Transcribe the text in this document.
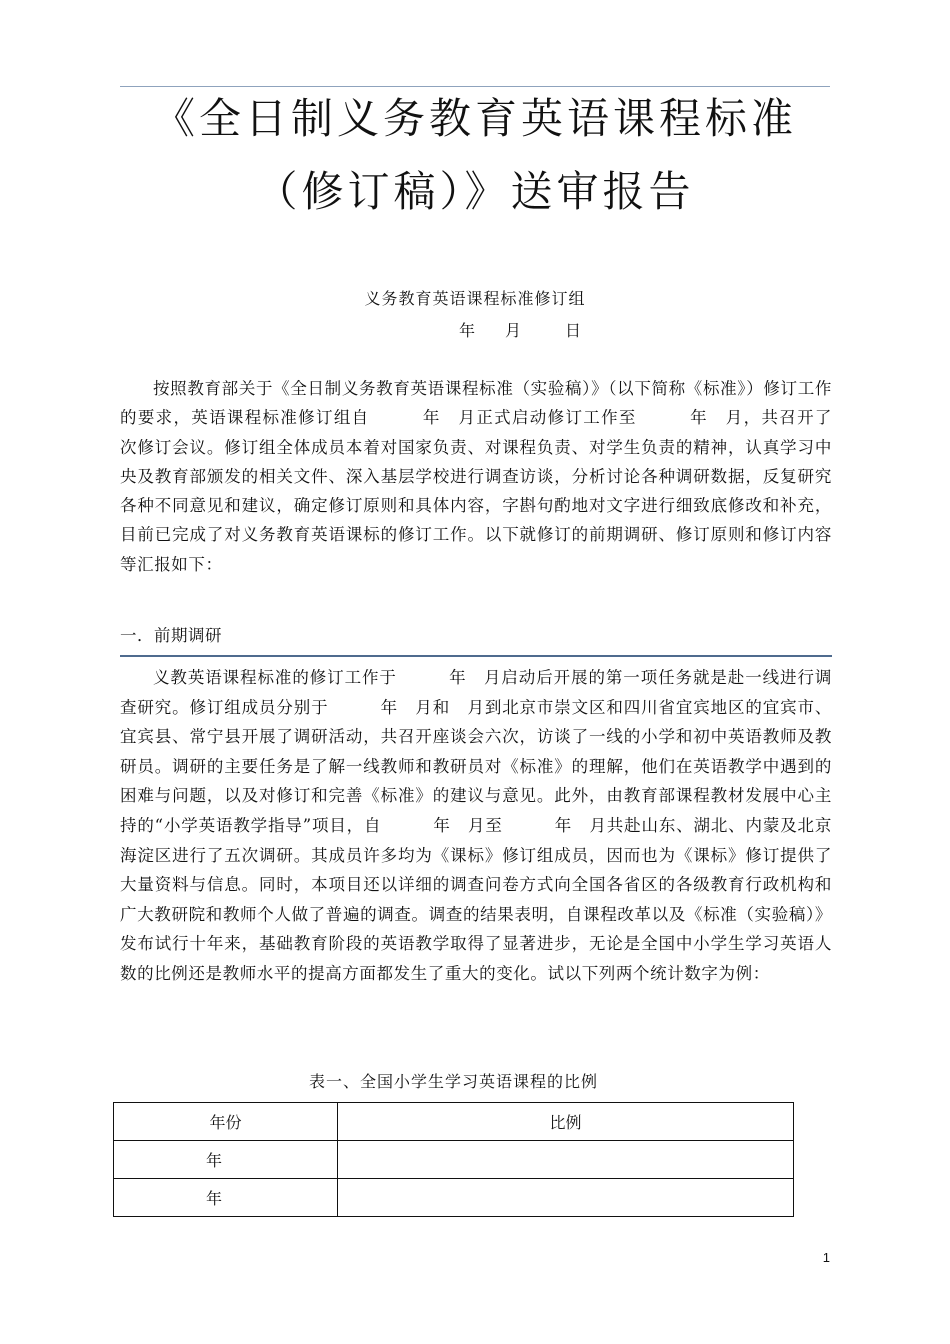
《全日制义务教育英语课程标准
（修订稿）》送审报告
义务教育英语课程标准修订组
年 月	日

按照教育部关于《全日制义务教育英语课程标准（实验稿）》（以下简称《标准》）修订工作的要求，英语课程标准修订组自　　　年　月正式启动修订工作至　　　年　月，共召开了　　次修订会议。修订组全体成员本着对国家负责、对课程负责、对学生负责的精神，认真学习中央及教育部颁发的相关文件、深入基层学校进行调查访谈，分析讨论各种调研数据，反复研究各种不同意见和建议，确定修订原则和具体内容，字斟句酌地对文字进行细致底修改和补充，目前已完成了对义务教育英语课标的修订工作。以下就修订的前期调研、修订原则和修订内容等汇报如下：

一．前期调研

义教英语课程标准的修订工作于　　　年　月启动后开展的第一项任务就是赴一线进行调查研究。修订组成员分别于　　　年　月和　月到北京市崇文区和四川省宜宾地区的宜宾市、宜宾县、常宁县开展了调研活动，共召开座谈会六次，访谈了一线的小学和初中英语教师及教研员。调研的主要任务是了解一线教师和教研员对《标准》的理解，他们在英语教学中遇到的困难与问题，以及对修订和完善《标准》的建议与意见。此外，由教育部课程教材发展中心主持的“小学英语教学指导”项目，自　　　年　月至　　　年　月共赴山东、湖北、内蒙及北京海淀区进行了五次调研。其成员许多均为《课标》修订组成员，因而也为《课标》修订提供了大量资料与信息。同时，本项目还以详细的调查问卷方式向全国各省区的各级教育行政机构和广大教研院和教师个人做了普遍的调查。调查的结果表明，自课程改革以及《标准（实验稿）》发布试行十年来，基础教育阶段的英语教学取得了显著进步，无论是全国中小学生学习英语人数的比例还是教师水平的提高方面都发生了重大的变化。试以下列两个统计数字为例：

表一、全国小学生学习英语课程的比例
年份	比例
年	
年	
1
